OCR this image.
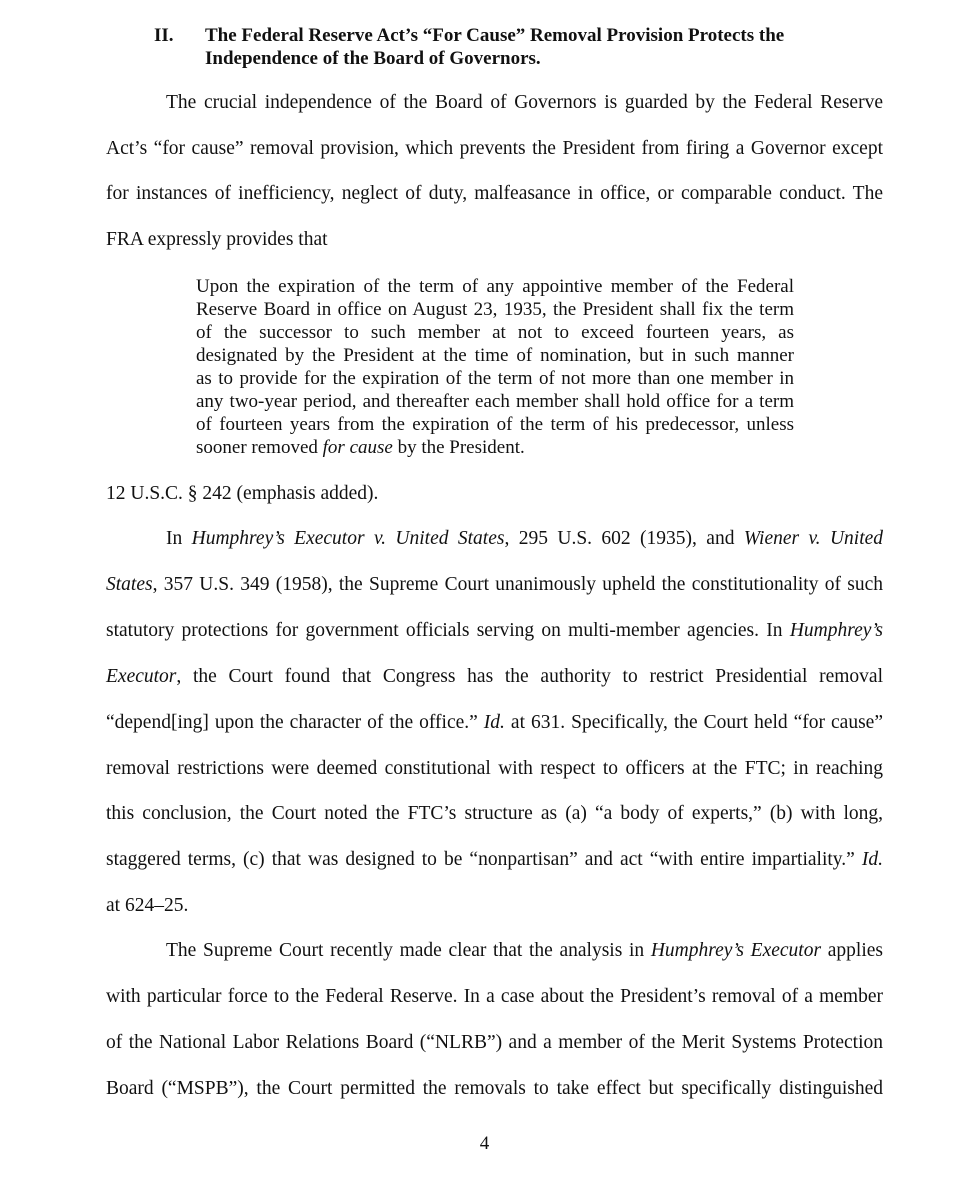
II. The Federal Reserve Act’s “For Cause” Removal Provision Protects the
Independence of the Board of Governors.
The crucial independence of the Board of Governors is guarded by the Federal Reserve
Act’s “for cause” removal provision, which prevents the President from firing a Governor except
for instances of inefficiency, neglect of duty, malfeasance in office, or comparable conduct. The
FRA expressly provides that
Upon the expiration of the term of any appointive member of the Federal
Reserve Board in office on August 23, 1935, the President shall fix the term
of the successor to such member at not to exceed fourteen years, as
designated by the President at the time of nomination, but in such manner
as to provide for the expiration of the term of not more than one member in
any two-year period, and thereafter each member shall hold office for a term
of fourteen years from the expiration of the term of his predecessor, unless
sooner removed for cause by the President.
12 U.S.C. § 242 (emphasis added).
In Humphrey’s Executor v. United States, 295 U.S. 602 (1935), and Wiener v. United
States, 357 U.S. 349 (1958), the Supreme Court unanimously upheld the constitutionality of such
statutory protections for government officials serving on multi-member agencies. In Humphrey’s
Executor, the Court found that Congress has the authority to restrict Presidential removal
“depend[ing] upon the character of the office.” Id. at 631. Specifically, the Court held “for cause”
removal restrictions were deemed constitutional with respect to officers at the FTC; in reaching
this conclusion, the Court noted the FTC’s structure as (a) “a body of experts,” (b) with long,
staggered terms, (c) that was designed to be “nonpartisan” and act “with entire impartiality.” Id.
at 624–25.
The Supreme Court recently made clear that the analysis in Humphrey’s Executor applies
with particular force to the Federal Reserve. In a case about the President’s removal of a member
of the National Labor Relations Board (“NLRB”) and a member of the Merit Systems Protection
Board (“MSPB”), the Court permitted the removals to take effect but specifically distinguished
4
